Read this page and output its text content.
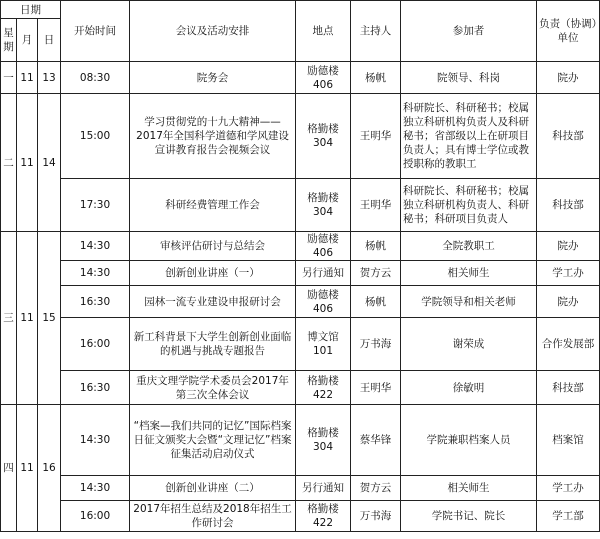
日期			开始时间	会议及活动安排	地点	主持人	参加者	负责（协调）单位
星期	月	日						
一	11	13	08:30	院务会	励德楼406	杨帆	院领导、科岗	院办
二	11	14	15:00	学习贯彻党的十九大精神——2017年全国科学道德和学风建设宣讲教育报告会视频会议	格勤楼304	王明华	科研院长、科研秘书；校属独立科研机构负责人及科研秘书；省部级以上在研项目负责人；具有博士学位或教授职称的教职工	科技部
			17:30	科研经费管理工作会	格勤楼304	王明华	科研院长、科研秘书；校属独立科研机构负责人、科研秘书；科研项目负责人	科技部
三	11	15	14:30	审核评估研讨与总结会	励德楼406	杨帆	全院教职工	院办
			14:30	创新创业讲座（一）	另行通知	贺方云	相关师生	学工办
			16:30	园林一流专业建设申报研讨会	励德楼406	杨帆	学院领导和相关老师	院办
			16:00	新工科背景下大学生创新创业面临的机遇与挑战专题报告	博文馆101	万书海	谢荣成	合作发展部
			16:30	重庆文理学院学术委员会2017年第三次全体会议	格勤楼422	王明华	徐敏明	科技部
四	11	16	14:30	“档案—我们共同的记忆”国际档案日征文颁奖大会暨“文理记忆”档案征集活动启动仪式	格勤楼304	蔡华锋	学院兼职档案人员	档案馆
			14:30	创新创业讲座（二）	另行通知	贺方云	相关师生	学工办
			16:00	2017年招生总结及2018年招生工作研讨会	格勤楼422	万书海	学院书记、院长	学工部
